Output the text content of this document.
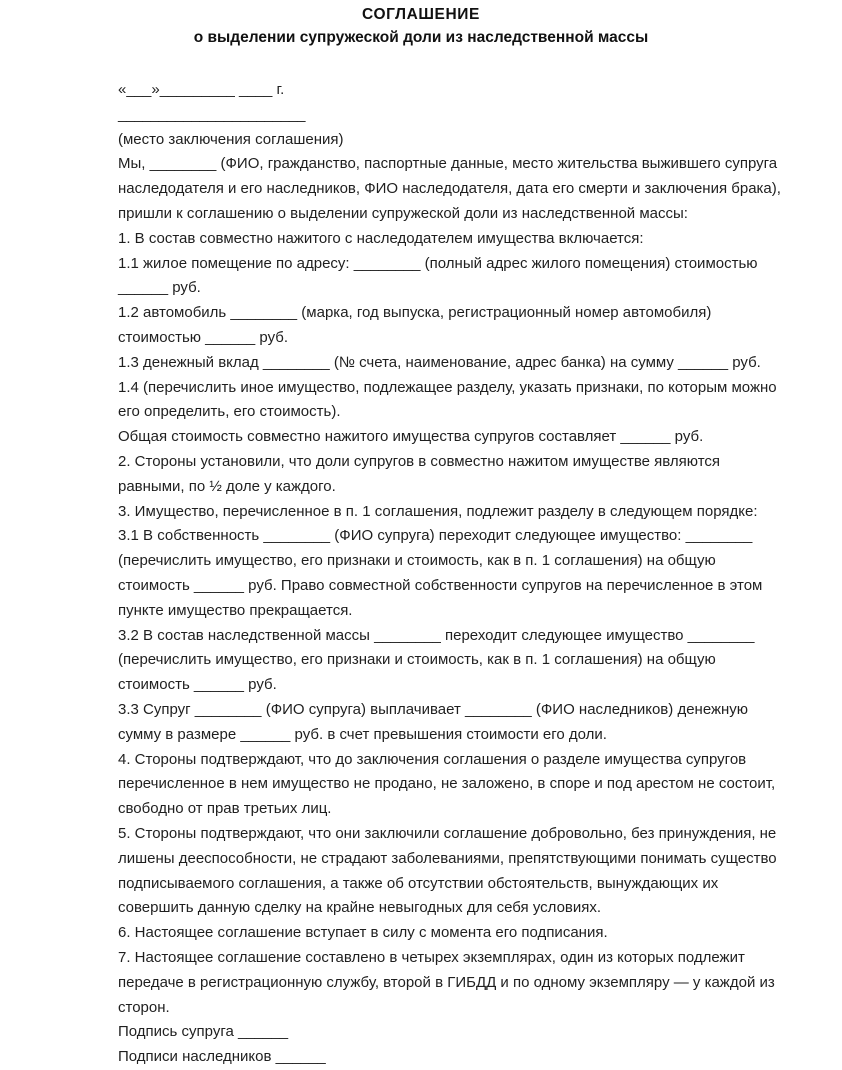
СОГЛАШЕНИЕ
о выделении супружеской доли из наследственной массы
«___»_________ ____ г.
_______________________
(место заключения соглашения)
Мы, ________ (ФИО, гражданство, паспортные данные, место жительства выжившего супруга наследодателя и его наследников, ФИО наследодателя, дата его смерти и заключения брака), пришли к соглашению о выделении супружеской доли из наследственной массы:
1. В состав совместно нажитого с наследодателем имущества включается:
1.1 жилое помещение по адресу: ________ (полный адрес жилого помещения) стоимостью ______ руб.
1.2 автомобиль ________ (марка, год выпуска, регистрационный номер автомобиля) стоимостью ______ руб.
1.3 денежный вклад ________ (№ счета, наименование, адрес банка) на сумму ______ руб.
1.4 (перечислить иное имущество, подлежащее разделу, указать признаки, по которым можно его определить, его стоимость).
Общая стоимость совместно нажитого имущества супругов составляет ______ руб.
2. Стороны установили, что доли супругов в совместно нажитом имуществе являются равными, по ½ доле у каждого.
3. Имущество, перечисленное в п. 1 соглашения, подлежит разделу в следующем порядке:
3.1 В собственность ________ (ФИО супруга) переходит следующее имущество: ________ (перечислить имущество, его признаки и стоимость, как в п. 1 соглашения) на общую стоимость ______ руб. Право совместной собственности супругов на перечисленное в этом пункте имущество прекращается.
3.2 В состав наследственной массы ________ переходит следующее имущество ________ (перечислить имущество, его признаки и стоимость, как в п. 1 соглашения) на общую стоимость ______ руб.
3.3 Супруг ________ (ФИО супруга) выплачивает ________ (ФИО наследников) денежную сумму в размере ______ руб. в счет превышения стоимости его доли.
4. Стороны подтверждают, что до заключения соглашения о разделе имущества супругов перечисленное в нем имущество не продано, не заложено, в споре и под арестом не состоит, свободно от прав третьих лиц.
5. Стороны подтверждают, что они заключили соглашение добровольно, без принуждения, не лишены дееспособности, не страдают заболеваниями, препятствующими понимать существо подписываемого соглашения, а также об отсутствии обстоятельств, вынуждающих их совершить данную сделку на крайне невыгодных для себя условиях.
6. Настоящее соглашение вступает в силу с момента его подписания.
7. Настоящее соглашение составлено в четырех экземплярах, один из которых подлежит передаче в регистрационную службу, второй в ГИБДД и по одному экземпляру — у каждой из сторон.
Подпись супруга ______
Подписи наследников ______
